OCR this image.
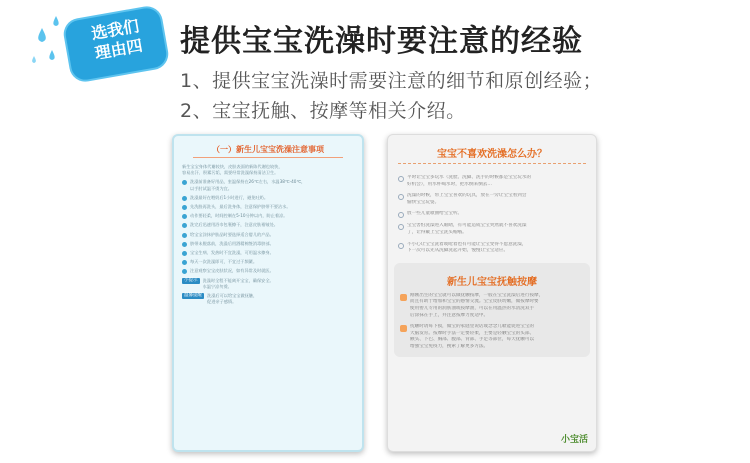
选我们
理由四	提供宝宝洗澡时要注意的经验
1、提供宝宝洗澡时需要注意的细节和原创经验；
2、宝宝抚触、按摩等相关介绍。
（一）新生儿宝宝洗澡注意事项
新生宝宝身体代谢较快，皮肤表面的新陈代谢也较快，
容易出汗、积累污垢，需要经常洗澡保持清洁卫生。
洗澡前准备好用品，室温保持在26℃左右，水温38℃-40℃，
以手肘试温不烫为宜。
洗澡最好在喂奶后1小时进行，避免吐奶。
先洗脸再洗头，最后洗身体，注意保护脐带不要沾水。
动作要轻柔，时间控制在5-10分钟以内，防止着凉。
洗完后迅速用浴巾包裹擦干，注意皮肤褶皱处。
给宝宝涂抹护肤品时要选择适合婴儿的产品。
脐带未脱落前，洗澡后用酒精棉签消毒脐部。
宝宝生病、发热时不宜洗澡，可用温水擦身。
每天一次洗澡即可，不宜过于频繁。
注意观察宝宝皮肤状况，如有异常及时就医。
小提示	洗澡时全程不能离开宝宝，确保安全。
水温宁凉勿烫。
温馨提醒	洗澡后可以给宝宝做抚触，
促进亲子感情。
宝宝不喜欢洗澡怎么办？
平时让宝宝多玩水（洗脸、洗脚、洗手的时候都是宝宝玩水的
好机会），用水杯喝水时，把水倒来倒去…
洗澡的时候，带上宝宝喜欢的玩具，放在一旁让宝宝看到会
愉快宝宝玩耍。
放一些儿童歌曲给宝宝听。
宝宝害怕洗澡进入眼睛，有可能造成宝宝突然就不喜欢洗澡
了，让得戴上宝宝洗头帽哦。
不小心让宝宝洗着或呛着也有可能让宝宝变得不愿意洗澡，
下一次可以先从洗脚洗起开始，慢慢让宝宝适应。
新生儿宝宝抚触按摩
刚刚出生的宝宝就可以做抚触按摩，一般在宝宝洗澡后进行按摩，
而且有助于增加和宝宝的感情交流。宝宝皮肤幼嫩，做按摩时要
使用婴儿专用的润肤油或按摩油，可以在用温热的水清洗双手
后涂抹在手上，并注意按摩力度适中。
抚触时请每下摸，做宝的家庭里说话或念念儿歌能促进宝宝的
大脑发育。按摩时手法一定要轻柔，主要是轻触宝宝的头部、
额头、下巴、胸部、腹部、背部、手足等部位，每天抚触可以
增强宝宝免疫力，搜索了解更多方法。
小宝活
